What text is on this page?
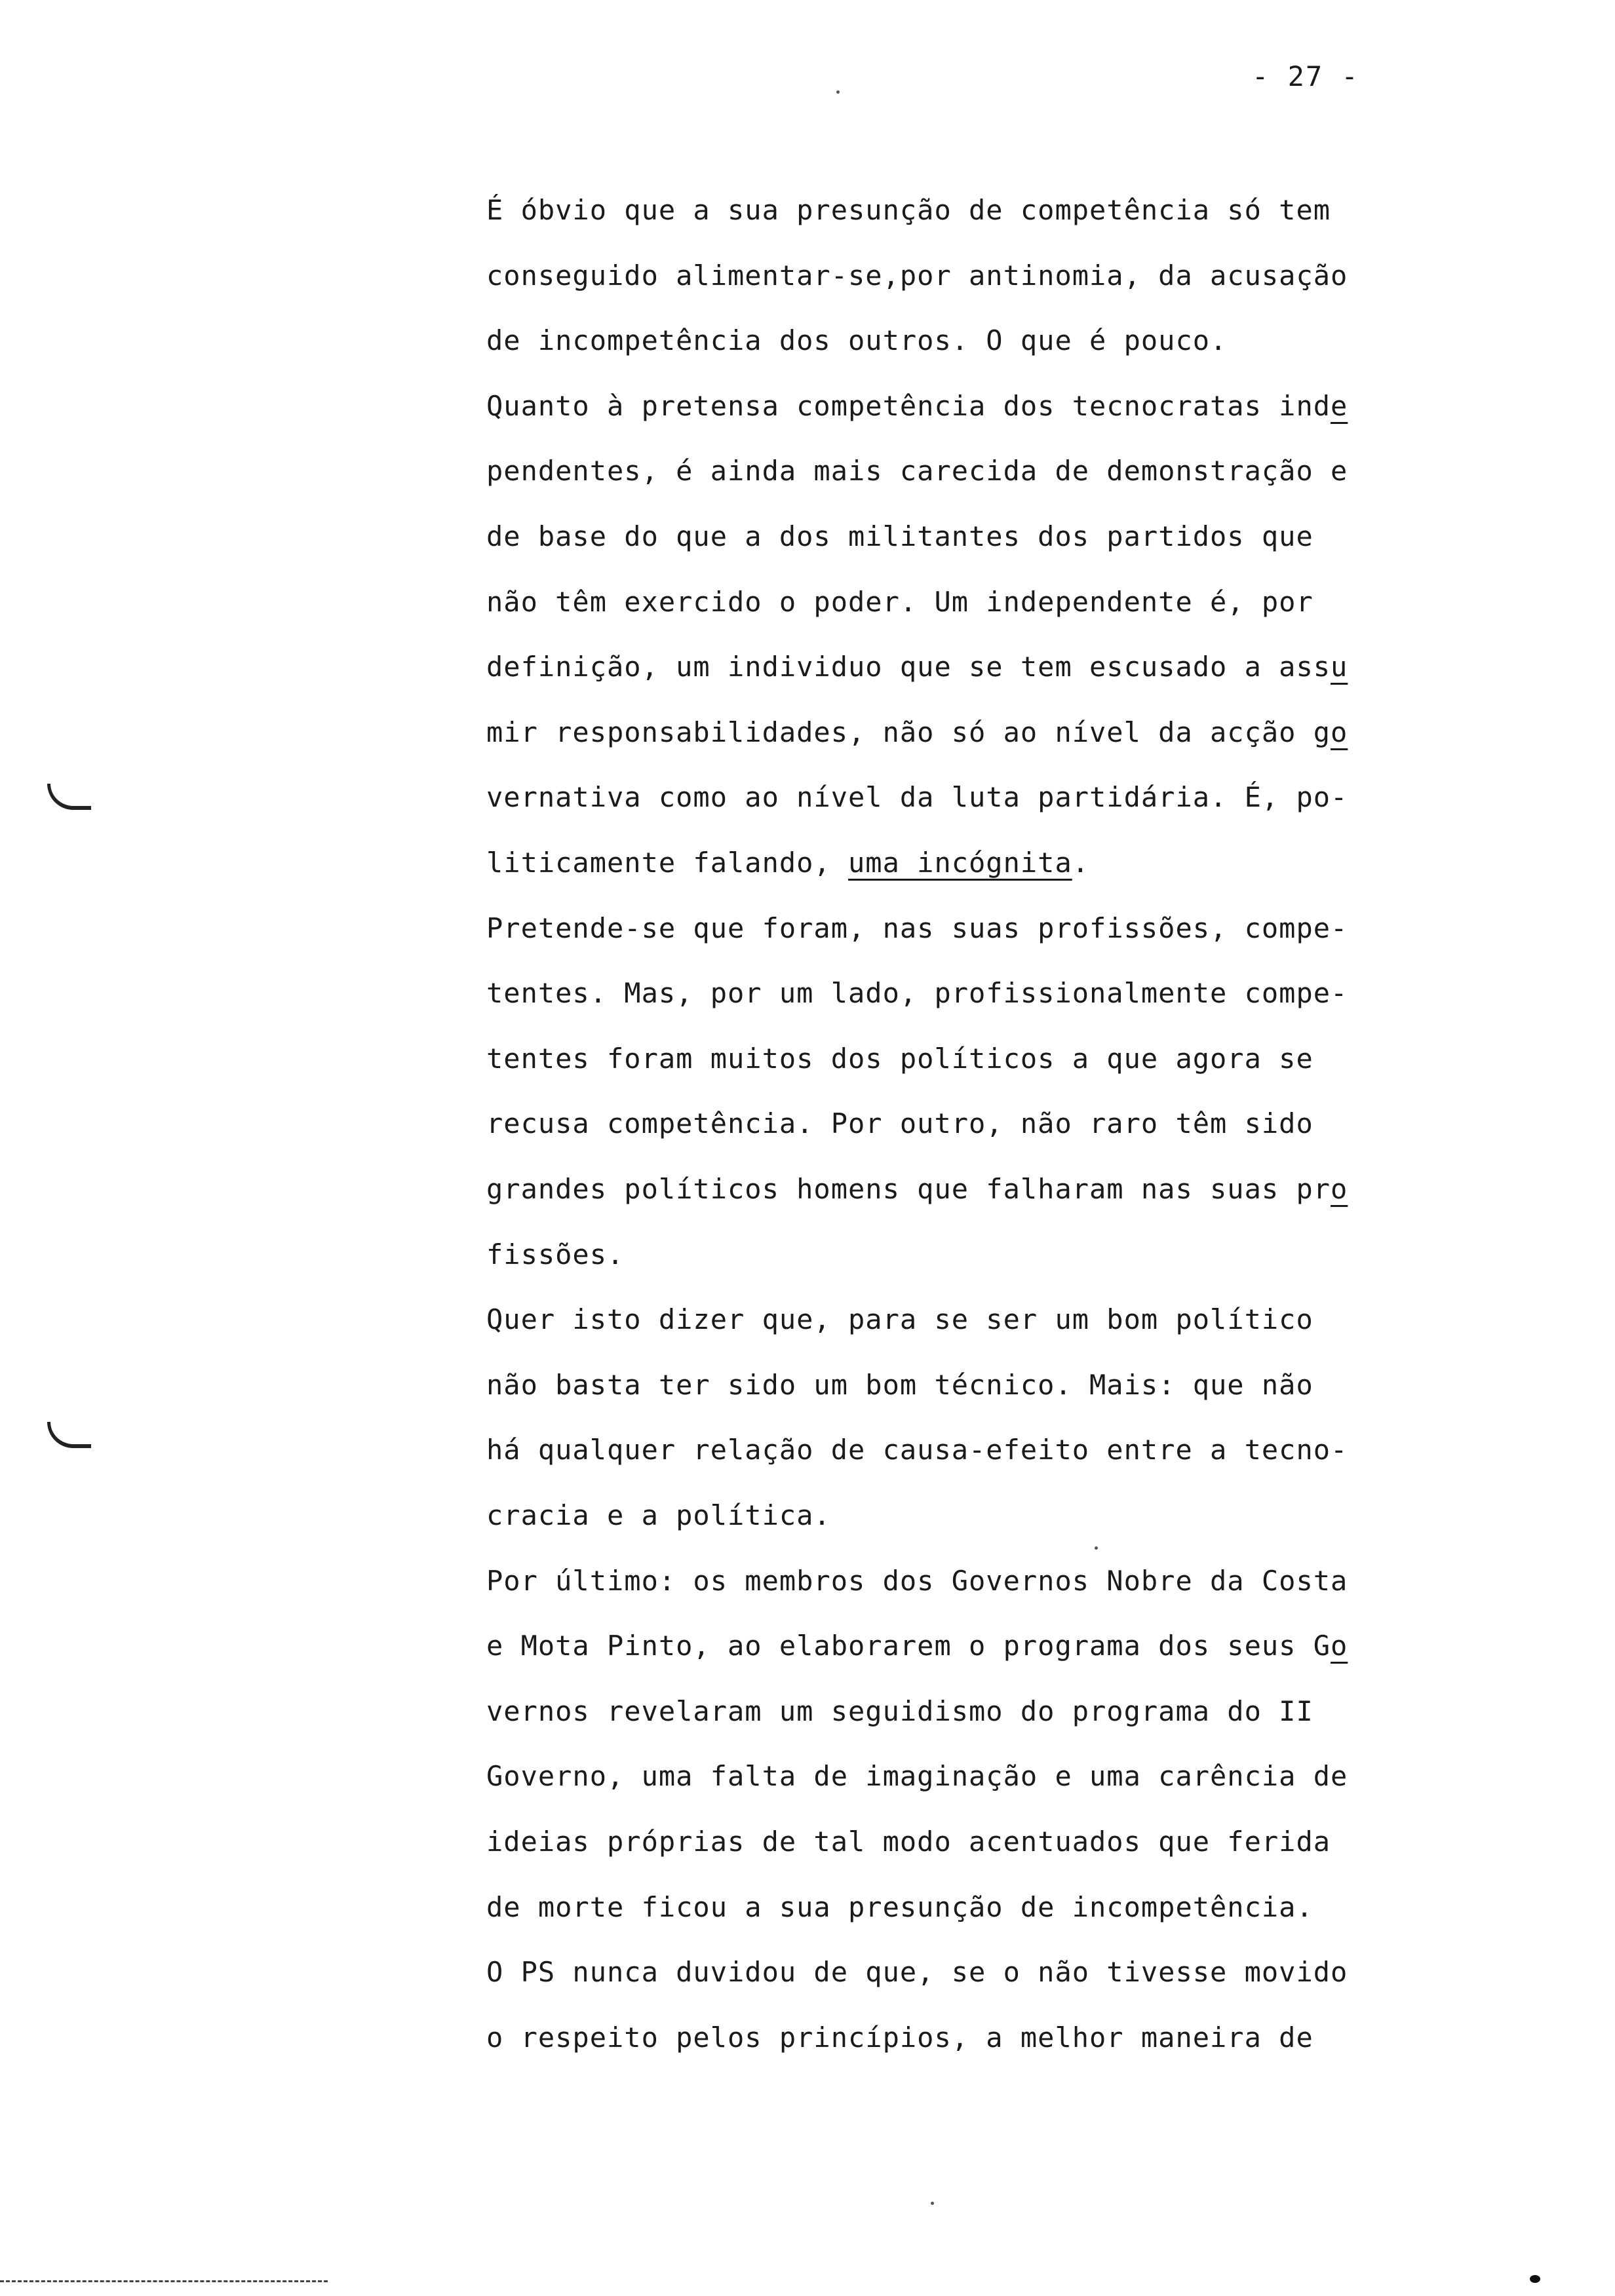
- 27 -
É óbvio que a sua presunção de competência só tem
conseguido alimentar-se,por antinomia, da acusação
de incompetência dos outros. O que é pouco.
Quanto à pretensa competência dos tecnocratas inde
pendentes, é ainda mais carecida de demonstração e
de base do que a dos militantes dos partidos que
não têm exercido o poder. Um independente é, por
definição, um individuo que se tem escusado a assu
mir responsabilidades, não só ao nível da acção go
vernativa como ao nível da luta partidária. É, po-
liticamente falando, uma incógnita.
Pretende-se que foram, nas suas profissões, compe-
tentes. Mas, por um lado, profissionalmente compe-
tentes foram muitos dos políticos a que agora se
recusa competência. Por outro, não raro têm sido
grandes políticos homens que falharam nas suas pro
fissões.
Quer isto dizer que, para se ser um bom político
não basta ter sido um bom técnico. Mais: que não
há qualquer relação de causa-efeito entre a tecno-
cracia e a política.
Por último: os membros dos Governos Nobre da Costa
e Mota Pinto, ao elaborarem o programa dos seus Go
vernos revelaram um seguidismo do programa do II
Governo, uma falta de imaginação e uma carência de
ideias próprias de tal modo acentuados que ferida
de morte ficou a sua presunção de incompetência.
O PS nunca duvidou de que, se o não tivesse movido
o respeito pelos princípios, a melhor maneira de
